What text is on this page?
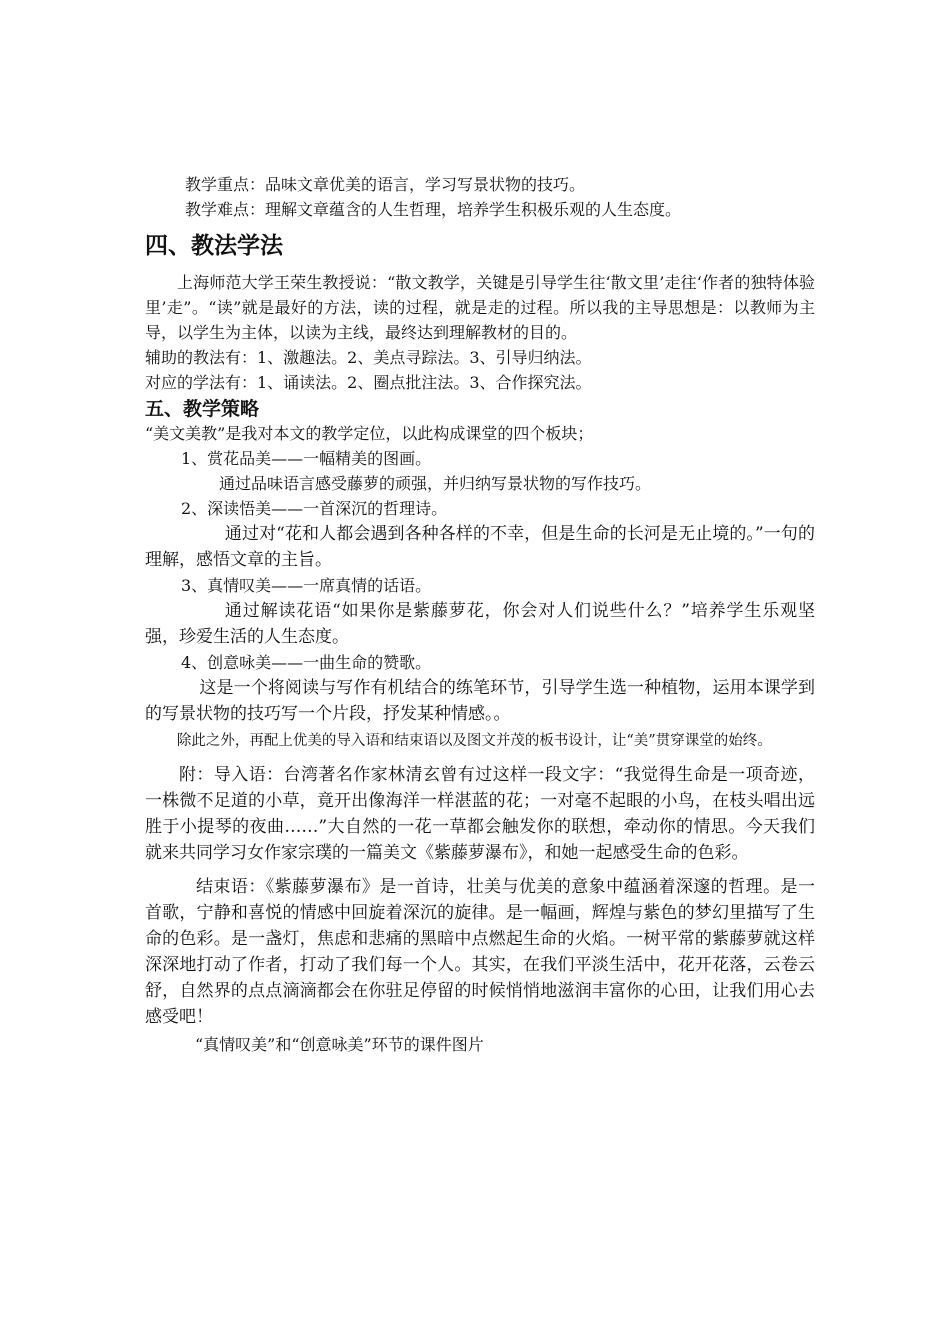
教学重点：品味文章优美的语言，学习写景状物的技巧。
教学难点：理解文章蕴含的人生哲理，培养学生积极乐观的人生态度。
四、教法学法
上海师范大学王荣生教授说：“散文教学，关键是引导学生往‘散文里’走往‘作者的独特体验里’走”。“读”就是最好的方法，读的过程，就是走的过程。所以我的主导思想是：以教师为主导，以学生为主体，以读为主线，最终达到理解教材的目的。
辅助的教法有：1、激趣法。2、美点寻踪法。3、引导归纳法。
对应的学法有：1、诵读法。2、圈点批注法。3、合作探究法。
五、教学策略
“美文美教”是我对本文的教学定位，以此构成课堂的四个板块；
1、赏花品美——一幅精美的图画。
通过品味语言感受藤萝的顽强，并归纳写景状物的写作技巧。
2、深读悟美——一首深沉的哲理诗。
通过对“花和人都会遇到各种各样的不幸，但是生命的长河是无止境的。”一句的理解，感悟文章的主旨。
3、真情叹美——一席真情的话语。
通过解读花语“如果你是紫藤萝花，你会对人们说些什么？”培养学生乐观坚强，珍爱生活的人生态度。
4、创意咏美——一曲生命的赞歌。
这是一个将阅读与写作有机结合的练笔环节，引导学生选一种植物，运用本课学到的写景状物的技巧写一个片段，抒发某种情感。。
除此之外，再配上优美的导入语和结束语以及图文并茂的板书设计，让“美”贯穿课堂的始终。
附：导入语：台湾著名作家林清玄曾有过这样一段文字：“我觉得生命是一项奇迹，一株微不足道的小草，竟开出像海洋一样湛蓝的花；一对毫不起眼的小鸟，在枝头唱出远胜于小提琴的夜曲……”大自然的一花一草都会触发你的联想，牵动你的情思。今天我们就来共同学习女作家宗璞的一篇美文《紫藤萝瀑布》，和她一起感受生命的色彩。
结束语：《紫藤萝瀑布》是一首诗，壮美与优美的意象中蕴涵着深邃的哲理。是一首歌，宁静和喜悦的情感中回旋着深沉的旋律。是一幅画，辉煌与紫色的梦幻里描写了生命的色彩。是一盏灯，焦虑和悲痛的黑暗中点燃起生命的火焰。一树平常的紫藤萝就这样深深地打动了作者，打动了我们每一个人。其实，在我们平淡生活中，花开花落，云卷云舒，自然界的点点滴滴都会在你驻足停留的时候悄悄地滋润丰富你的心田，让我们用心去感受吧！
“真情叹美”和“创意咏美”环节的课件图片
